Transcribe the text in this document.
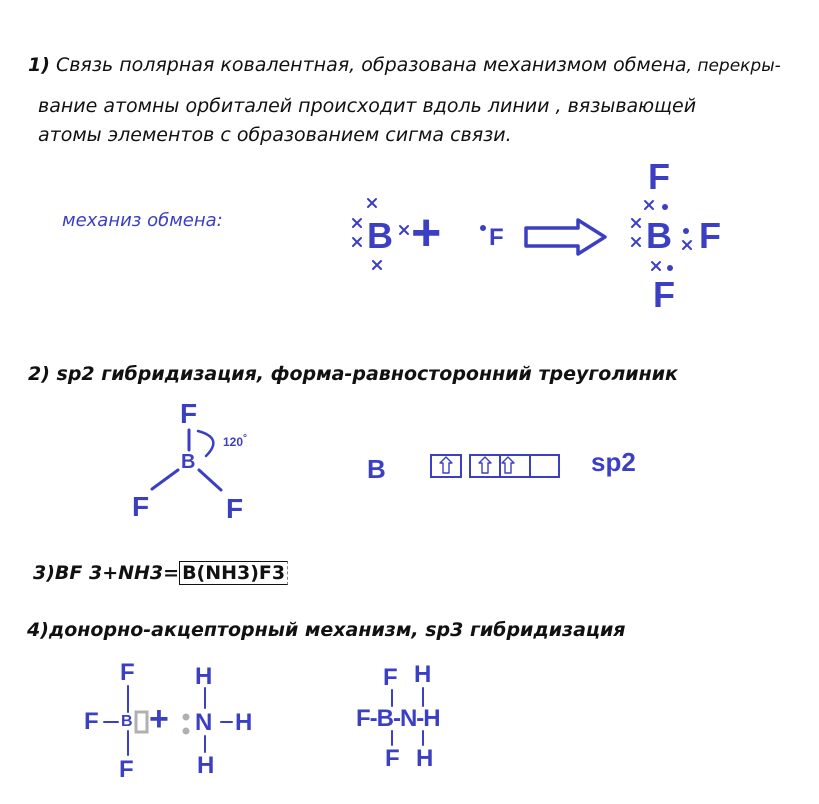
1) Связь полярная ковалентная, образована механизмом обмена, перекры-
вание атомны орбиталей происходит вдоль линии , вязывающей
атомы элементов с образованием сигма связи.
механиз обмена:	B + F
F
B F
F
2) sp2 гибридизация, форма-равносторонний треуголиник
F
B
120°
F	F
B	sp2
3)BF 3+NH3= B(NH3)F3
4)донорно-акцепторный механизм, sp3 гибридизация
F
F B
F
+
H
N H
H
F H
F-B-N-H
F H
